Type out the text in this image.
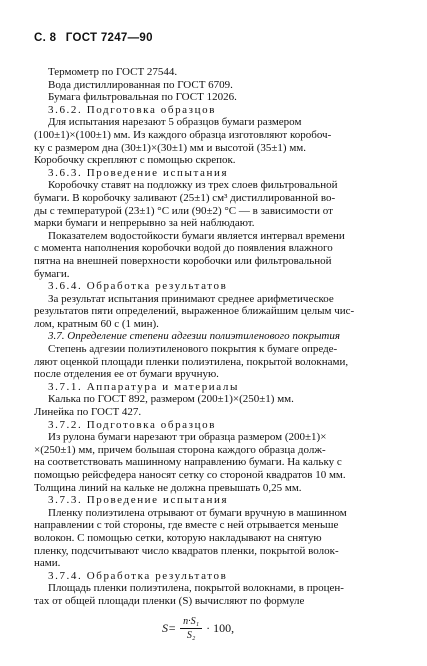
С. 8 ГОСТ 7247—90
Термометр по ГОСТ 27544.
Вода дистиллированная по ГОСТ 6709.
Бумага фильтровальная по ГОСТ 12026.
3.6.2. Подготовка образцов
Для испытания нарезают 5 образцов бумаги размером
(100±1)×(100±1) мм. Из каждого образца изготовляют коробоч-
ку с размером дна (30±1)×(30±1) мм и высотой (35±1) мм.
Коробочку скрепляют с помощью скрепок.
3.6.3. Проведение испытания
Коробочку ставят на подложку из трех слоев фильтровальной
бумаги. В коробочку заливают (25±1) см³ дистиллированной во-
ды с температурой (23±1) °С или (90±2) °С — в зависимости от
марки бумаги и непрерывно за ней наблюдают.
Показателем водостойкости бумаги является интервал времени
с момента наполнения коробочки водой до появления влажного
пятна на внешней поверхности коробочки или фильтровальной
бумаги.
3.6.4. Обработка результатов
За результат испытания принимают среднее арифметическое
результатов пяти определений, выраженное ближайшим целым чис-
лом, кратным 60 с (1 мин).
3.7. Определение степени адгезии полиэтиленового покрытия
Степень адгезии полиэтиленового покрытия к бумаге опреде-
ляют оценкой площади пленки полиэтилена, покрытой волокнами,
после отделения ее от бумаги вручную.
3.7.1. Аппаратура и материалы
Калька по ГОСТ 892, размером (200±1)×(250±1) мм.
Линейка по ГОСТ 427.
3.7.2. Подготовка образцов
Из рулона бумаги нарезают три образца размером (200±1)×
×(250±1) мм, причем большая сторона каждого образца долж-
на соответствовать машинному направлению бумаги. На кальку с
помощью рейсфедера наносят сетку со стороной квадратов 10 мм.
Толщина линий на кальке не должна превышать 0,25 мм.
3.7.3. Проведение испытания
Пленку полиэтилена отрывают от бумаги вручную в машинном
направлении с той стороны, где вместе с ней отрывается меньше
волокон. С помощью сетки, которую накладывают на снятую
пленку, подсчитывают число квадратов пленки, покрытой волок-
нами.
3.7.4. Обработка результатов
Площадь пленки полиэтилена, покрытой волокнами, в процен-
тах от общей площади пленки (S) вычисляют по формуле
$S= \frac{\text{n·S₁}}{\text{S₂}} \cdot 100$,
